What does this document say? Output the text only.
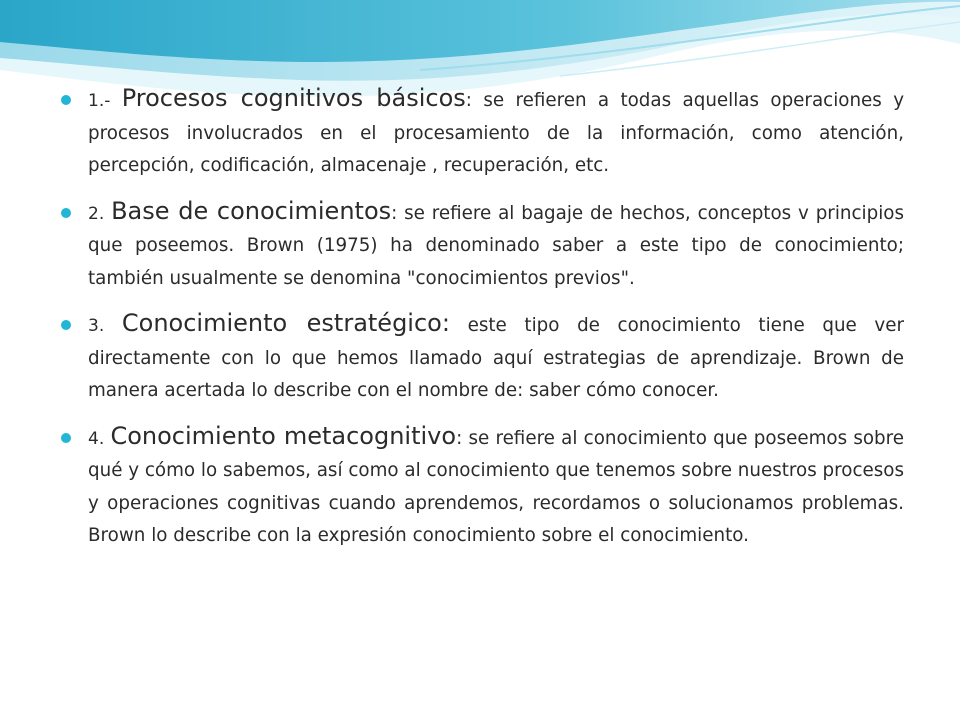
1.- Procesos cognitivos básicos: se refieren a todas aquellas operaciones y procesos involucrados en el procesamiento de la información, como atención, percepción, codificación, almacenaje , recuperación, etc.
2. Base de conocimientos: se refiere al bagaje de hechos, conceptos v principios que poseemos. Brown (1975) ha denominado saber a este tipo de conocimiento; también usualmente se denomina "conocimientos previos".
3. Conocimiento estratégico: este tipo de conocimiento tiene que ver directamente con lo que hemos llamado aquí estrategias de aprendizaje. Brown de manera acertada lo describe con el nombre de: saber cómo conocer.
4. Conocimiento metacognitivo: se refiere al conocimiento que poseemos sobre qué y cómo lo sabemos, así como al conocimiento que tenemos sobre nuestros procesos y operaciones cognitivas cuando aprendemos, recordamos o solucionamos problemas. Brown lo describe con la expresión conocimiento sobre el conocimiento.
